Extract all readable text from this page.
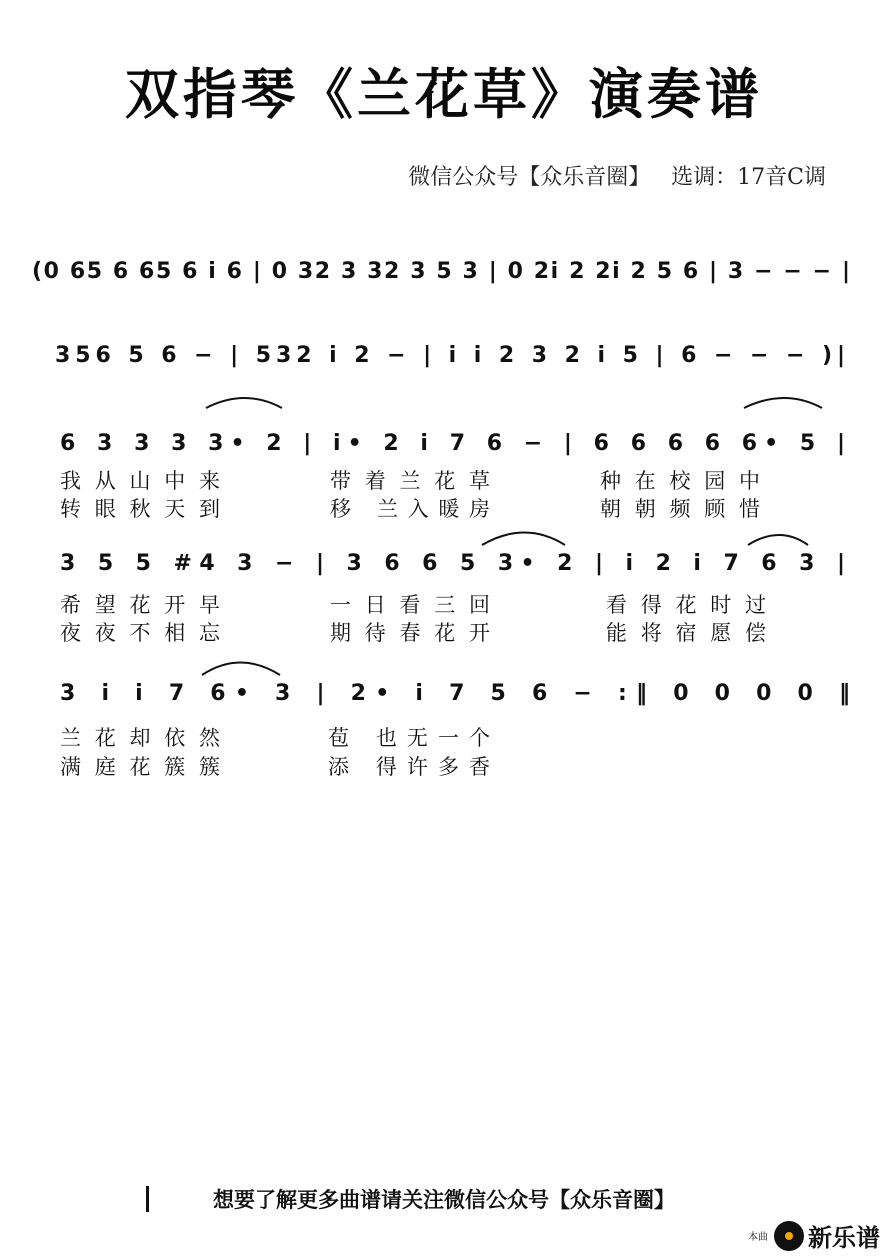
双指琴《兰花草》演奏谱
微信公众号【众乐音圈】   选调：17音C调
(0 65 6 65 6 i 6 | 0 32 3 32 3 5 3 | 0 2i 2 2i 2 5 6 | 3 − − − |
356 5 6 − | 532 i 2 − | i i 2 3 2 i 5 | 6 − − − )|
6 3 3 3 3• 2 | i• 2 i 7 6 − | 6 6 6 6 6• 5 |
我从山中来	带着兰花草	种在校园中
转眼秋天到	移 兰入暖房	朝朝频顾惜
3 5 5 #4 3 − | 3 6 6 5 3• 2 | i 2 i 7 6 3 |
希望花开早	一日看三回	看得花时过
夜夜不相忘	期待春花开	能将宿愿偿
3 i i 7 6• 3 | 2• i 7 5 6 − :‖ 0 0 0 0 ‖
兰花却依然	苞 也无一个
满庭花簇簇	添 得许多香
想要了解更多曲谱请关注微信公众号【众乐音圈】
本曲 新乐谱
